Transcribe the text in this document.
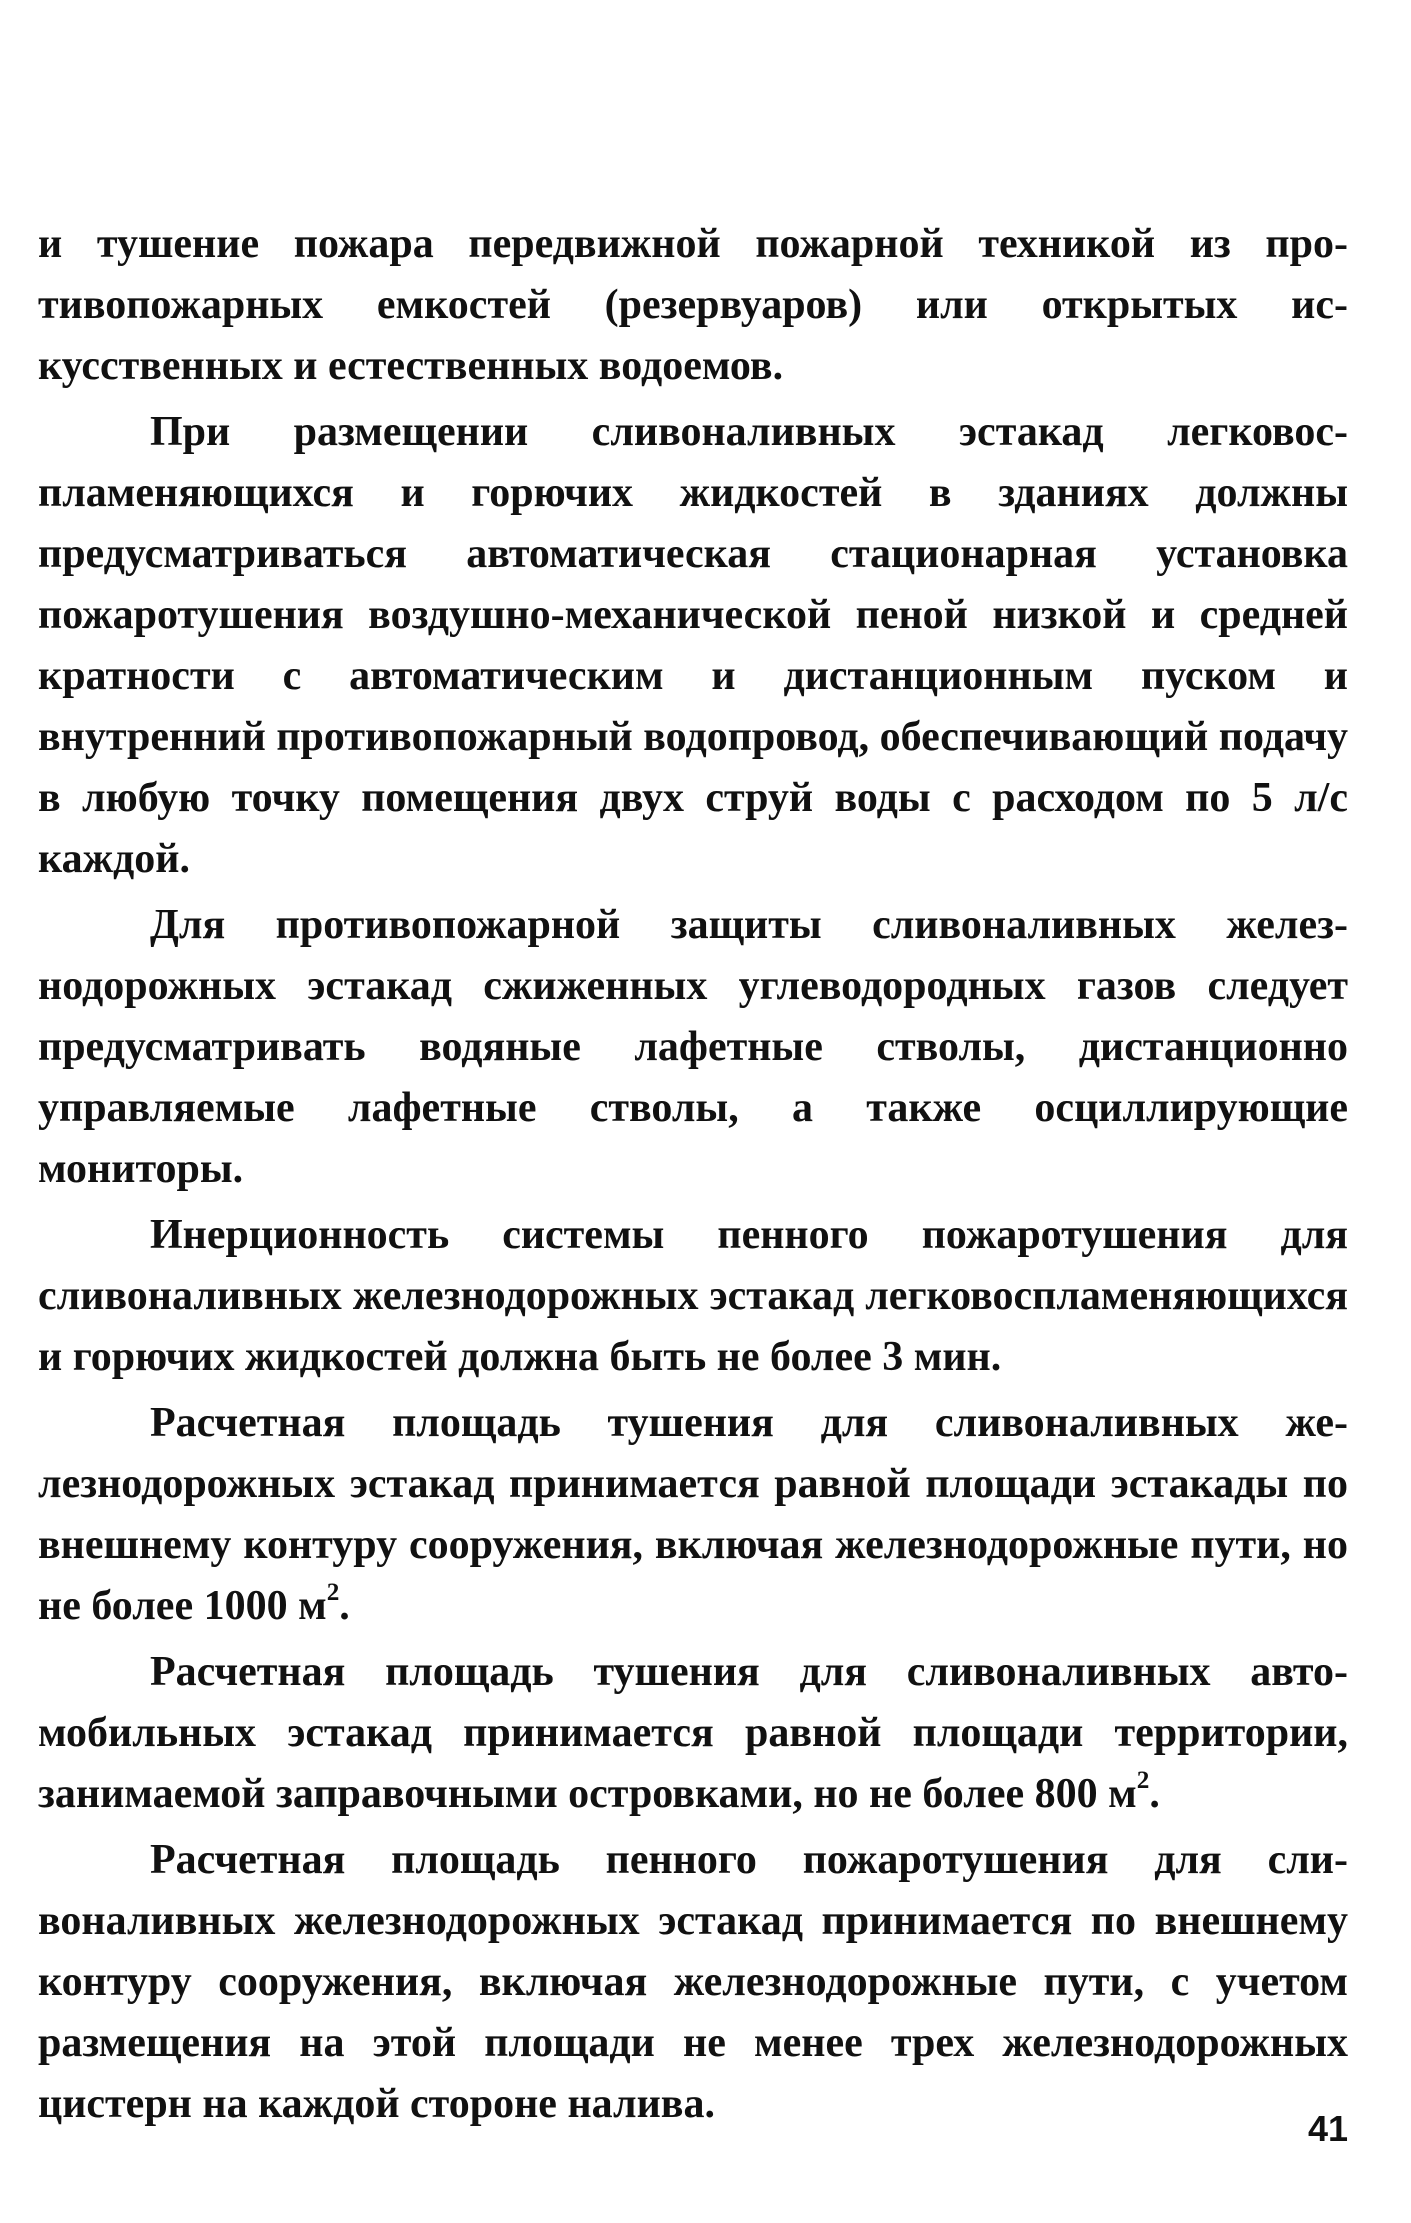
и тушение пожара передвижной пожарной техникой из противопожарных емкостей (резервуаров) или открытых искусственных и естественных водоемов.

При размещении сливоналивных эстакад легковоспламеняющихся и горючих жидкостей в зданиях должны предусматриваться автоматическая стационарная установка пожаротушения воздушно-механической пеной низкой и средней кратности с автоматическим и дистанционным пуском и внутренний противопожарный водопровод, обеспечивающий подачу в любую точку помещения двух струй воды с расходом по 5 л/с каждой.

Для противопожарной защиты сливоналивных железнодорожных эстакад сжиженных углеводородных газов следует предусматривать водяные лафетные стволы, дистанционно управляемые лафетные стволы, а также осциллирующие мониторы.

Инерционность системы пенного пожаротушения для сливоналивных железнодорожных эстакад легковоспламеняющихся и горючих жидкостей должна быть не более 3 мин.

Расчетная площадь тушения для сливоналивных железнодорожных эстакад принимается равной площади эстакады по внешнему контуру сооружения, включая железнодорожные пути, но не более 1000 $м^2$.

Расчетная площадь тушения для сливоналивных автомобильных эстакад принимается равной площади территории, занимаемой заправочными островками, но не более 800 $м^2$.

Расчетная площадь пенного пожаротушения для сливоналивных железнодорожных эстакад принимается по внешнему контуру сооружения, включая железнодорожные пути, с учетом размещения на этой площади не менее трех железнодорожных цистерн на каждой стороне налива.

41
